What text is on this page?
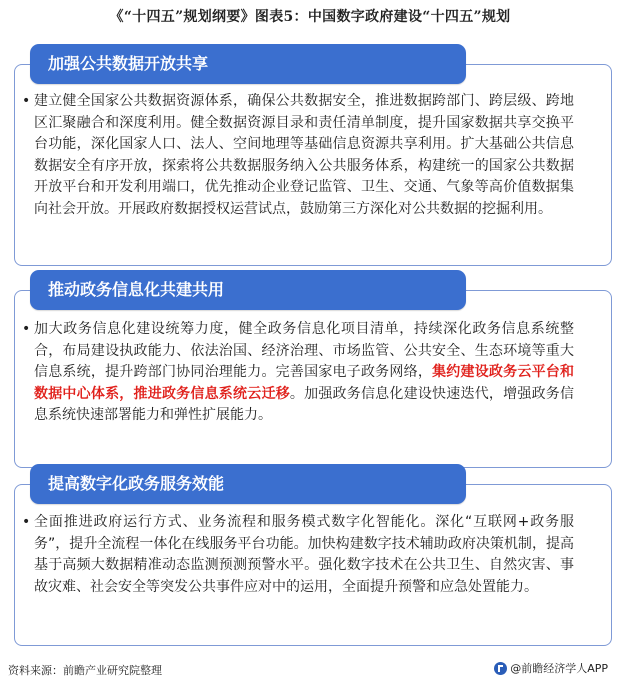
《“十四五”规划纲要》图表5：中国数字政府建设“十四五”规划
加强公共数据开放共享
• 建立健全国家公共数据资源体系，确保公共数据安全，推进数据跨部门、跨层级、跨地区汇聚融合和深度利用。健全数据资源目录和责任清单制度，提升国家数据共享交换平台功能，深化国家人口、法人、空间地理等基础信息资源共享利用。扩大基础公共信息数据安全有序开放，探索将公共数据服务纳入公共服务体系，构建统一的国家公共数据开放平台和开发利用端口，优先推动企业登记监管、卫生、交通、气象等高价值数据集向社会开放。开展政府数据授权运营试点，鼓励第三方深化对公共数据的挖掘利用。
推动政务信息化共建共用
• 加大政务信息化建设统筹力度，健全政务信息化项目清单，持续深化政务信息系统整合，布局建设执政能力、依法治国、经济治理、市场监管、公共安全、生态环境等重大信息系统，提升跨部门协同治理能力。完善国家电子政务网络，集约建设政务云平台和数据中心体系，推进政务信息系统云迁移。加强政务信息化建设快速迭代，增强政务信息系统快速部署能力和弹性扩展能力。
提高数字化政务服务效能
• 全面推进政府运行方式、业务流程和服务模式数字化智能化。深化“互联网+政务服务”，提升全流程一体化在线服务平台功能。加快构建数字技术辅助政府决策机制，提高基于高频大数据精准动态监测预测预警水平。强化数字技术在公共卫生、自然灾害、事故灾难、社会安全等突发公共事件应对中的运用，全面提升预警和应急处置能力。
资料来源：前瞻产业研究院整理	@前瞻经济学人APP
